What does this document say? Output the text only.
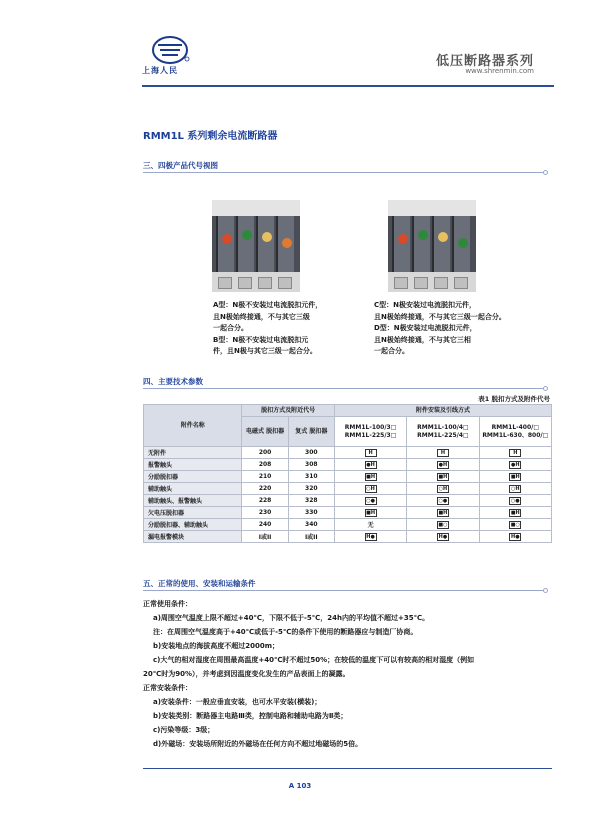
上海人民
低压断路器系列
www.shrenmin.com
RMM1L 系列剩余电流断路器
三、四极产品代号视图
A型：N极不安装过电流脱扣元件，
且N极始终接通，不与其它三级
一起合分。
B型：N极不安装过电流脱扣元
件，且N极与其它三级一起合分。
C型：N极安装过电流脱扣元件，
且N极始终接通，不与其它三级一起合分。
D型：N极安装过电流脱扣元件，
且N极始终接通，不与其它三相
一起合分。
四、主要技术参数
表1 脱扣方式及附件代号
附件名称	脱扣方式及附近代号		附件安装及引线方式		
	电磁式 脱扣器	复式 脱扣器	RMM1L-100/3□ RMM1L-225/3□	RMM1L-100/4□ RMM1L-225/4□	RMM1L-400/□ RMM1L-630、800/□
无附件	200	300	H	H	H
报警触头	208	308	●H	●H	●H
分励脱扣器	210	310	■H	■H	■H
辅助触头	220	320	○H	○H	○H
辅助触头、报警触头	228	328	○●	○●	○●
欠电压脱扣器	230	330	■H	■H	■H
分励脱扣器、辅助触头	240	340	无	■○	■○
漏电报警模块	I或II	I或II	H●	H●	H●
五、正常的使用、安装和运输条件
正常使用条件：
a)周围空气温度上限不超过+40℃，下限不低于-5℃，24h内的平均值不超过+35℃。
注：在周围空气温度高于+40℃或低于-5℃的条件下使用的断路器应与制造厂协商。
b)安装地点的海拔高度不超过2000m；
c)大气的相对湿度在周围最高温度+40℃时不超过50%；在较低的温度下可以有较高的相对湿度（例如
20℃时为90%），并考虑到因温度变化发生的产品表面上的凝露。
正常安装条件：
a)安装条件：一般应垂直安装，也可水平安装(横装)；
b)安装类别：断路器主电路Ⅲ类，控制电路和辅助电路为Ⅱ类；
c)污染等级：3级；
d)外磁场：安装场所附近的外磁场在任何方向不超过地磁场的5倍。
A 103
